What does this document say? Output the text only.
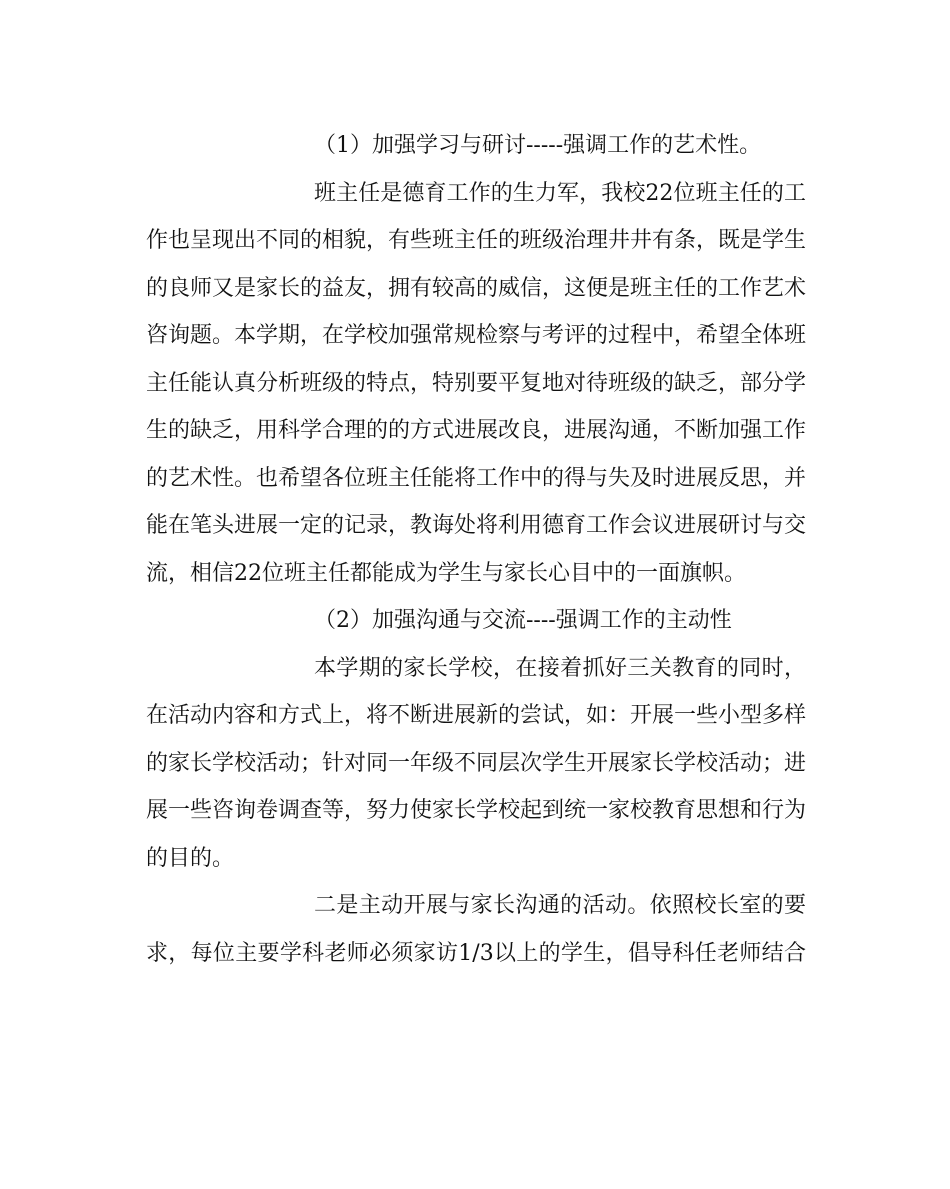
（1）加强学习与研讨-----强调工作的艺术性。
班主任是德育工作的生力军，我校22位班主任的工
作也呈现出不同的相貌，有些班主任的班级治理井井有条，既是学生
的良师又是家长的益友，拥有较高的威信，这便是班主任的工作艺术
咨询题。本学期，在学校加强常规检察与考评的过程中，希望全体班
主任能认真分析班级的特点，特别要平复地对待班级的缺乏，部分学
生的缺乏，用科学合理的的方式进展改良，进展沟通，不断加强工作
的艺术性。也希望各位班主任能将工作中的得与失及时进展反思，并
能在笔头进展一定的记录，教诲处将利用德育工作会议进展研讨与交
流，相信22位班主任都能成为学生与家长心目中的一面旗帜。
（2）加强沟通与交流----强调工作的主动性
本学期的家长学校，在接着抓好三关教育的同时，
在活动内容和方式上，将不断进展新的尝试，如：开展一些小型多样
的家长学校活动；针对同一年级不同层次学生开展家长学校活动；进
展一些咨询卷调查等，努力使家长学校起到统一家校教育思想和行为
的目的。
二是主动开展与家长沟通的活动。依照校长室的要
求，每位主要学科老师必须家访1/3以上的学生，倡导科任老师结合
